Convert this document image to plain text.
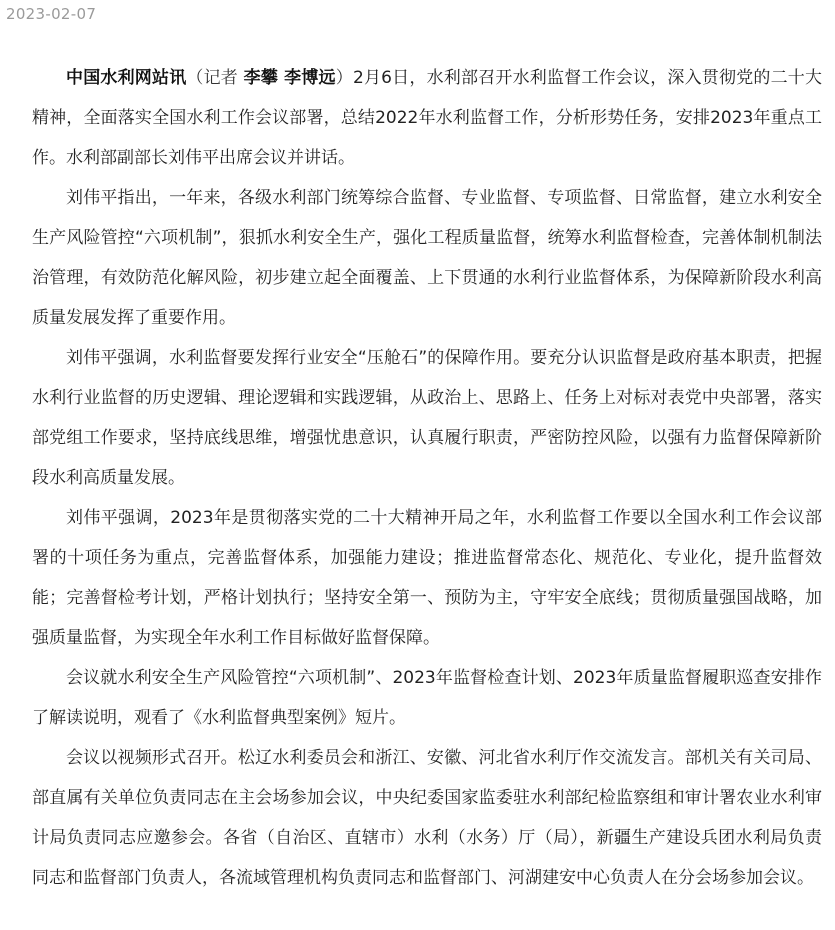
2023-02-07

中国水利网站讯（记者 李攀 李博远）2月6日，水利部召开水利监督工作会议，深入贯彻党的二十大精神，全面落实全国水利工作会议部署，总结2022年水利监督工作，分析形势任务，安排2023年重点工作。水利部副部长刘伟平出席会议并讲话。

刘伟平指出，一年来，各级水利部门统筹综合监督、专业监督、专项监督、日常监督，建立水利安全生产风险管控“六项机制”，狠抓水利安全生产，强化工程质量监督，统筹水利监督检查，完善体制机制法治管理，有效防范化解风险，初步建立起全面覆盖、上下贯通的水利行业监督体系，为保障新阶段水利高质量发展发挥了重要作用。

刘伟平强调，水利监督要发挥行业安全“压舱石”的保障作用。要充分认识监督是政府基本职责，把握水利行业监督的历史逻辑、理论逻辑和实践逻辑，从政治上、思路上、任务上对标对表党中央部署，落实部党组工作要求，坚持底线思维，增强忧患意识，认真履行职责，严密防控风险，以强有力监督保障新阶段水利高质量发展。

刘伟平强调，2023年是贯彻落实党的二十大精神开局之年，水利监督工作要以全国水利工作会议部署的十项任务为重点，完善监督体系，加强能力建设；推进监督常态化、规范化、专业化，提升监督效能；完善督检考计划，严格计划执行；坚持安全第一、预防为主，守牢安全底线；贯彻质量强国战略，加强质量监督，为实现全年水利工作目标做好监督保障。

会议就水利安全生产风险管控“六项机制”、2023年监督检查计划、2023年质量监督履职巡查安排作了解读说明，观看了《水利监督典型案例》短片。

会议以视频形式召开。松辽水利委员会和浙江、安徽、河北省水利厅作交流发言。部机关有关司局、部直属有关单位负责同志在主会场参加会议，中央纪委国家监委驻水利部纪检监察组和审计署农业水利审计局负责同志应邀参会。各省（自治区、直辖市）水利（水务）厅（局），新疆生产建设兵团水利局负责同志和监督部门负责人，各流域管理机构负责同志和监督部门、河湖建安中心负责人在分会场参加会议。
